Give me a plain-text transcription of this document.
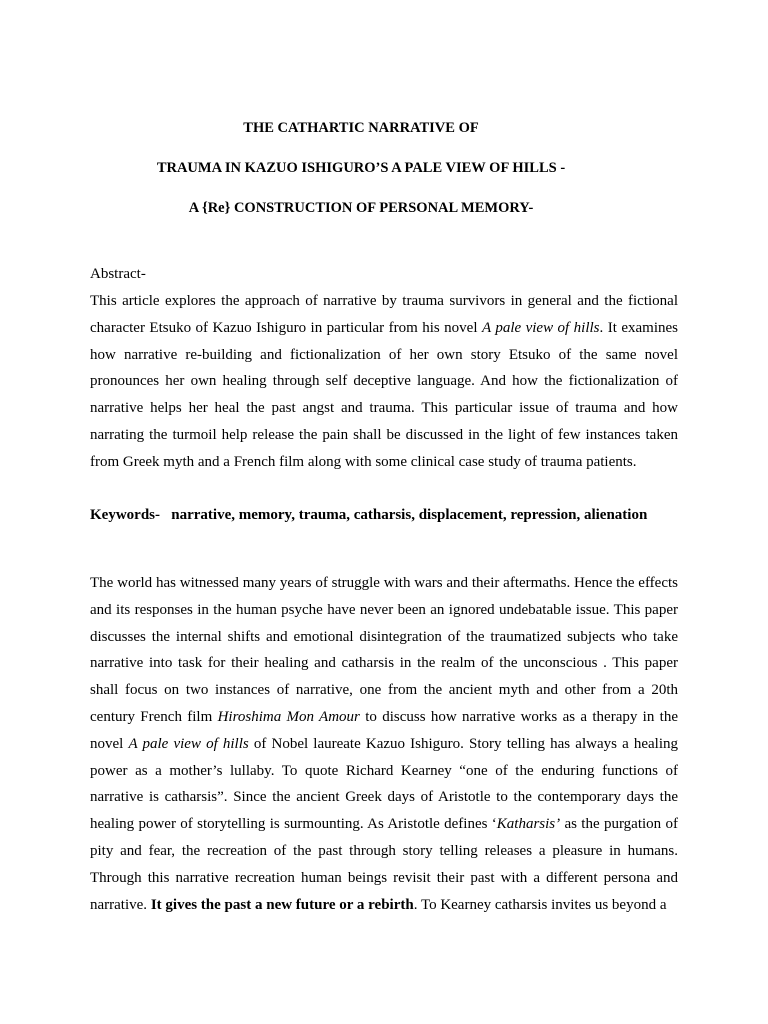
THE CATHARTIC NARRATIVE OF
TRAUMA IN KAZUO ISHIGURO’S A PALE VIEW OF HILLS -
A {Re} CONSTRUCTION OF PERSONAL MEMORY-
Abstract-
This article explores the approach of narrative by trauma survivors in general and the fictional character Etsuko of Kazuo Ishiguro in particular from his novel A pale view of hills. It examines how narrative re-building and fictionalization of her own story Etsuko of the same novel pronounces her own healing through self deceptive language. And how the fictionalization of narrative helps her heal the past angst and trauma. This particular issue of trauma and how narrating the turmoil help release the pain shall be discussed in the light of few instances taken from Greek myth and a French film along with some clinical case study of trauma patients.
Keywords-   narrative, memory, trauma, catharsis, displacement, repression, alienation
The world has witnessed many years of struggle with wars and their aftermaths. Hence the effects and its responses in the human psyche have never been an ignored undebatable issue. This paper discusses the internal shifts and emotional disintegration of the traumatized subjects who take narrative into task for their healing and catharsis in the realm of the unconscious . This paper shall focus on two instances of narrative, one from the ancient myth and other from a 20th century French film Hiroshima Mon Amour to discuss how narrative works as a therapy in the novel A pale view of hills of Nobel laureate Kazuo Ishiguro. Story telling has always a healing power as a mother’s lullaby. To quote Richard Kearney “one of the enduring functions of narrative is catharsis”. Since the ancient Greek days of Aristotle to the contemporary days the healing power of storytelling is surmounting. As Aristotle defines ‘Katharsis’ as the purgation of pity and fear, the recreation of the past through story telling releases a pleasure in humans. Through this narrative recreation human beings revisit their past with a different persona and narrative. It gives the past a new future or a rebirth. To Kearney catharsis invites us beyond a
